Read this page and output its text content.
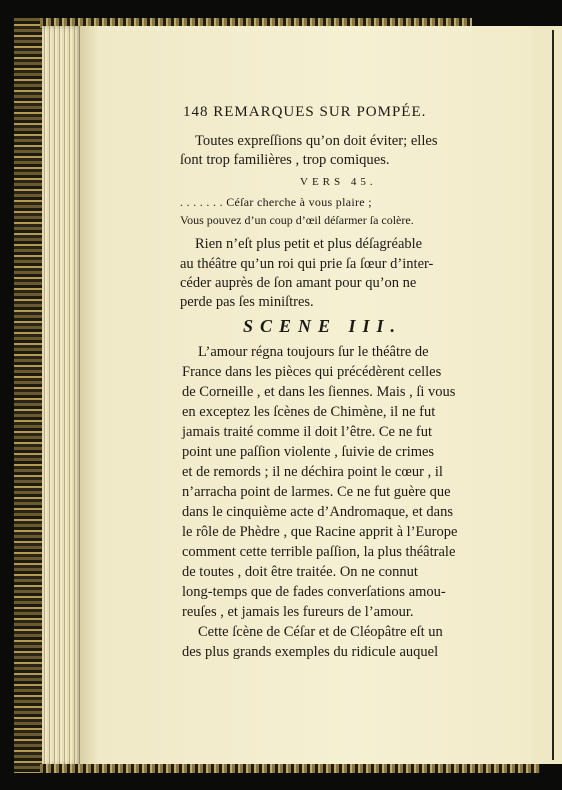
148 REMARQUES SUR POMPÉE.
Toutes expreſſions qu’on doit éviter; elles
ſont trop familières , trop comiques.
VERS 45.
. . . . . . . Céſar cherche à vous plaire ;
Vous pouvez d’un coup d’œil déſarmer ſa colère.
Rien n’eſt plus petit et plus déſagréable
au théâtre qu’un roi qui prie ſa ſœur d’inter-
céder auprès de ſon amant pour qu’on ne
perde pas ſes miniſtres.
SCENE III.
L’amour régna toujours ſur le théâtre de
France dans les pièces qui précédèrent celles
de Corneille , et dans les ſiennes. Mais , ſi vous
en exceptez les ſcènes de Chimène, il ne fut
jamais traité comme il doit l’être. Ce ne fut
point une paſſion violente , ſuivie de crimes
et de remords ; il ne déchira point le cœur , il
n’arracha point de larmes. Ce ne fut guère que
dans le cinquième acte d’Andromaque, et dans
le rôle de Phèdre , que Racine apprit à l’Europe
comment cette terrible paſſion, la plus théâtrale
de toutes , doit être traitée. On ne connut
long-temps que de fades converſations amou-
reuſes , et jamais les fureurs de l’amour.
Cette ſcène de Céſar et de Cléopâtre eſt un
des plus grands exemples du ridicule auquel
